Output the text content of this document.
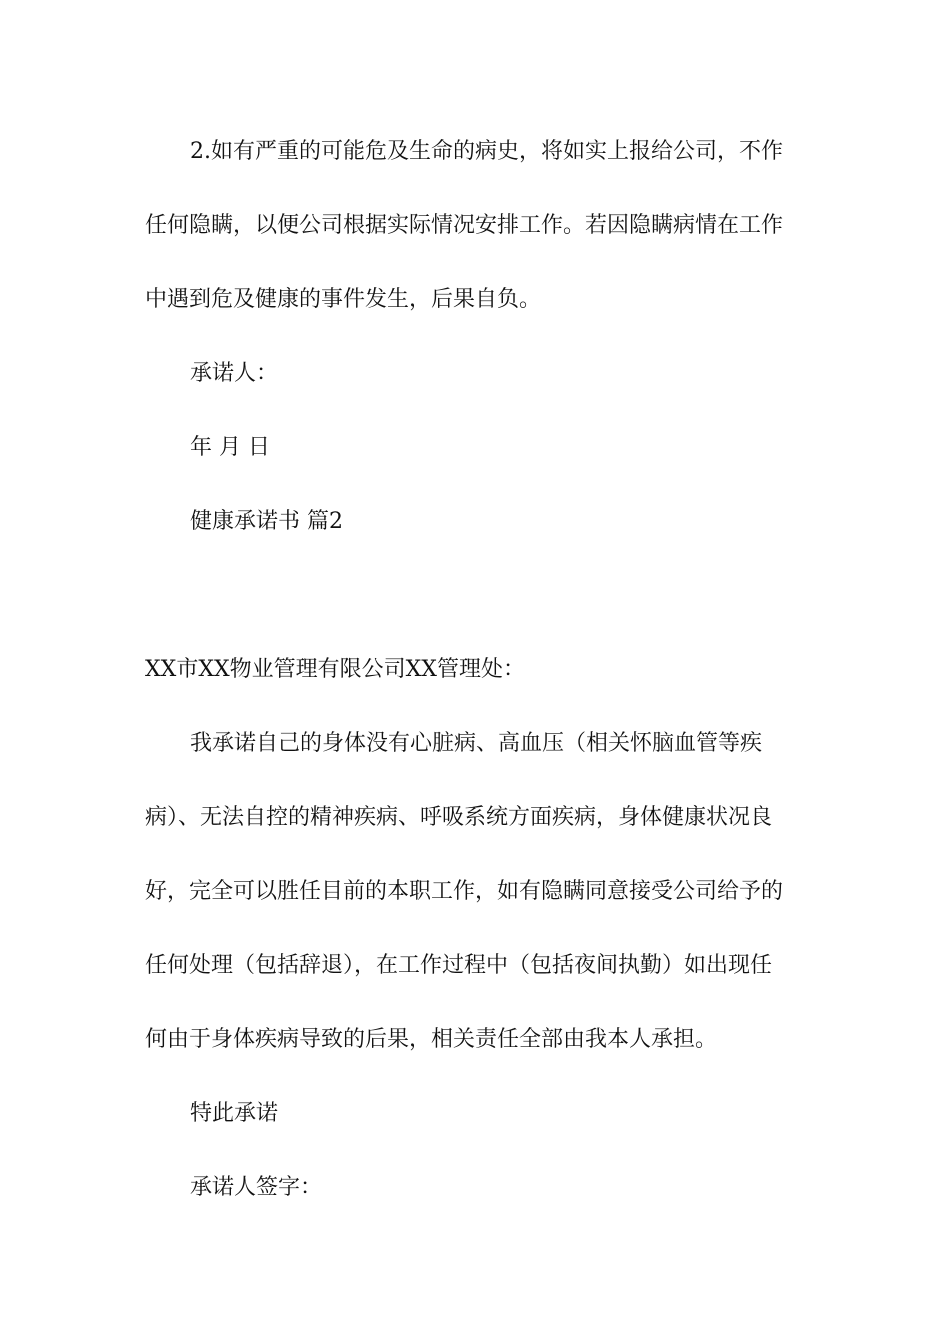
2.如有严重的可能危及生命的病史，将如实上报给公司，不作
任何隐瞒，以便公司根据实际情况安排工作。若因隐瞒病情在工作
中遇到危及健康的事件发生，后果自负。
承诺人：
年 月 日
健康承诺书 篇2
XX市XX物业管理有限公司XX管理处：
我承诺自己的身体没有心脏病、高血压（相关怀脑血管等疾
病）、无法自控的精神疾病、呼吸系统方面疾病，身体健康状况良
好，完全可以胜任目前的本职工作，如有隐瞒同意接受公司给予的
任何处理（包括辞退），在工作过程中（包括夜间执勤）如出现任
何由于身体疾病导致的后果，相关责任全部由我本人承担。
特此承诺
承诺人签字：
